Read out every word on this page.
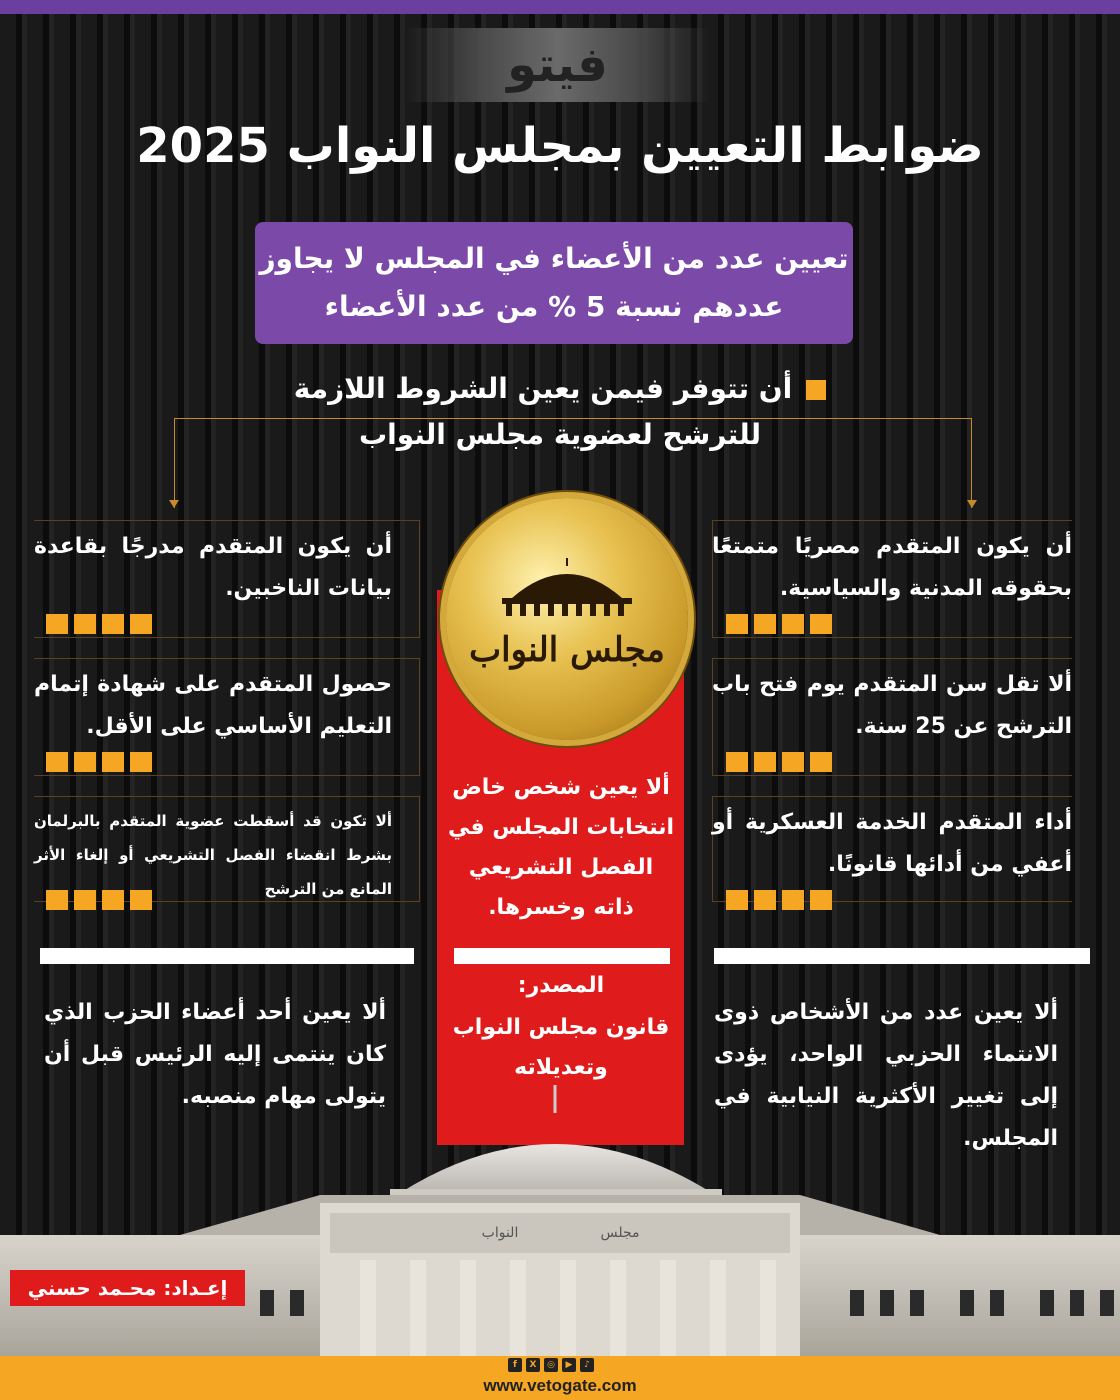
فيتو
ضوابط التعيين بمجلس النواب 2025
تعيين عدد من الأعضاء في المجلس لا يجاوز
عددهم نسبة 5 % من عدد الأعضاء
أن تتوفر فيمن يعين الشروط اللازمة
للترشح لعضوية مجلس النواب
أن يكون المتقدم مصريًا متمتعًا بحقوقه المدنية والسياسية.
ألا تقل سن المتقدم يوم فتح باب الترشح عن 25 سنة.
أداء المتقدم الخدمة العسكرية أو أعفي من أدائها قانونًا.
أن يكون المتقدم مدرجًا بقاعدة بيانات الناخبين.
حصول المتقدم على شهادة إتمام التعليم الأساسي على الأقل.
ألا تكون قد أسقطت عضوية المتقدم بالبرلمان بشرط انقضاء الفصل التشريعي أو إلغاء الأثر المانع من الترشح
مجلس النواب
ألا يعين شخص خاض انتخابات المجلس في الفصل التشريعي ذاته وخسرها.
المصدر:
قانون مجلس النواب
وتعديلاته
ألا يعين عدد من الأشخاص ذوى الانتماء الحزبي الواحد، يؤدى إلى تغيير الأكثرية النيابية في المجلس.
ألا يعين أحد أعضاء الحزب الذي كان ينتمى إليه الرئيس قبل أن يتولى مهام منصبه.
مجلس
النواب
إعـداد: محـمد حسني
f	X	◎	▶	♪
www.vetogate.com
